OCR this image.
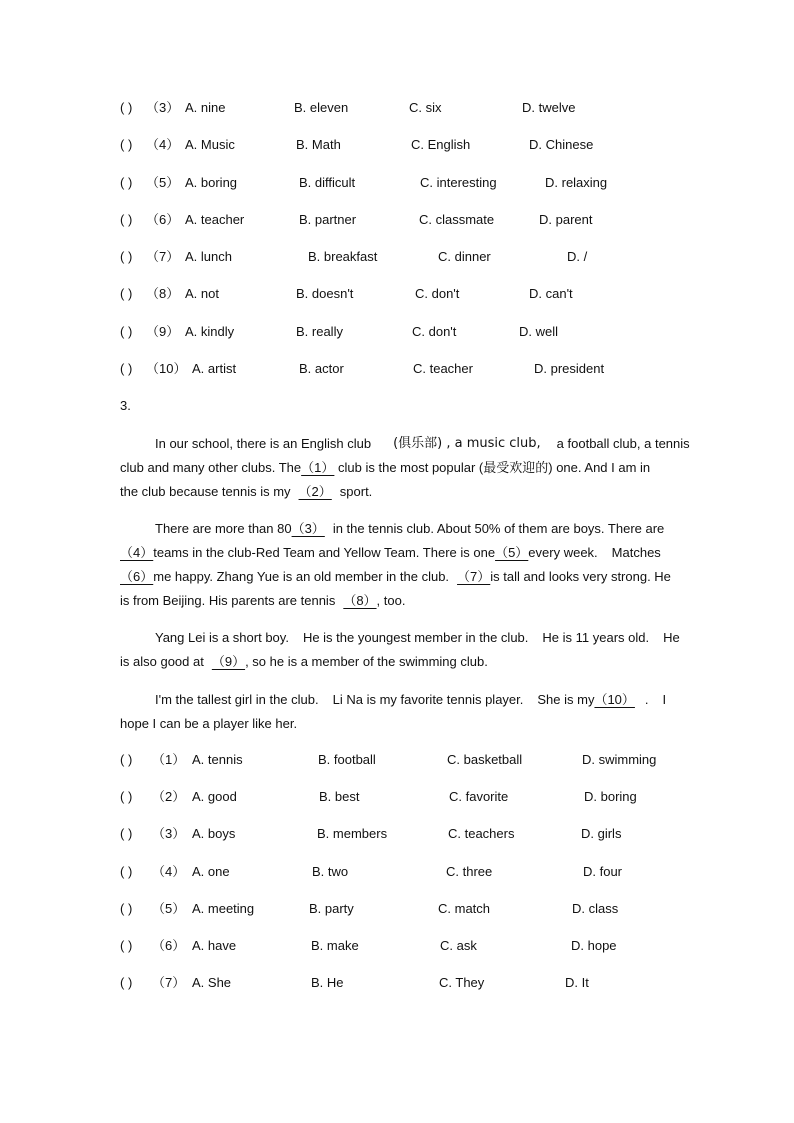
( ) （3） A. nine	B. eleven	C. six	D. twelve
( ) （4） A. Music	B. Math	C. English	D. Chinese
( ) （5） A. boring	B. difficult	C. interesting	D. relaxing
( ) （6） A. teacher	B. partner	C. classmate	D. parent
( ) （7） A. lunch	B. breakfast	C. dinner	D. /
( ) （8） A. not	B. doesn't	C. don't	D. can't
( ) （9） A. kindly	B. really	C. don't	D. well
( ) （10） A. artist	B. actor	C. teacher	D. president
3.
In our school, there is an English club (俱乐部) , a music club, a football club, a tennis
club and many other clubs. The（1） club is the most popular (最受欢迎的) one. And I am in
the club because tennis is my （2） sport.
There are more than 80 （3） in the tennis club. About 50% of them are boys. There are
（4） teams in the club-Red Team and Yellow Team. There is one （5） every week. Matches
（6） me happy. Zhang Yue is an old member in the club. （7） is tall and looks very strong. He
is from Beijing. His parents are tennis （8） , too.
Yang Lei is a short boy. He is the youngest member in the club. He is 11 years old. He
is also good at （9） , so he is a member of the swimming club.
I'm the tallest girl in the club. Li Na is my favorite tennis player. She is my （10） . I
hope I can be a player like her.
( ) （1） A. tennis	B. football	C. basketball	D. swimming
( ) （2） A. good	B. best	C. favorite	D. boring
( ) （3） A. boys	B. members	C. teachers	D. girls
( ) （4） A. one	B. two	C. three	D. four
( ) （5） A. meeting	B. party	C. match	D. class
( ) （6） A. have	B. make	C. ask	D. hope
( ) （7） A. She	B. He	C. They	D. It
